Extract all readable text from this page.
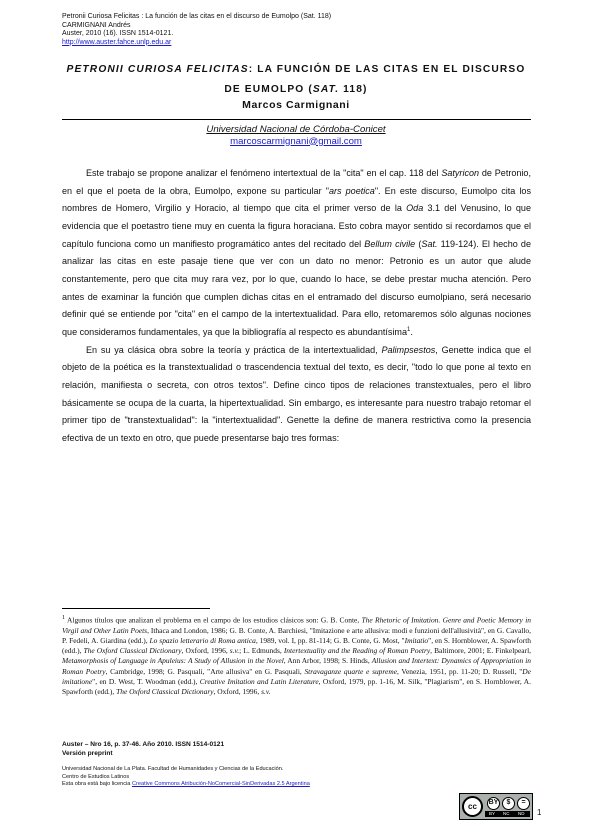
Petronii Curiosa Felicitas : La función de las citas en el discurso de Eumolpo (Sat. 118)
CARMIGNANI Andrés
Auster, 2010 (16). ISSN 1514-0121.
http://www.auster.fahce.unlp.edu.ar
PETRONII CURIOSA FELICITAS: LA FUNCIÓN DE LAS CITAS EN EL DISCURSO DE EUMOLPO (SAT. 118)
Marcos Carmignani
Universidad Nacional de Córdoba-Conicet
marcoscarmignani@gmail.com

Este trabajo se propone analizar el fenómeno intertextual de la "cita" en el cap. 118 del Satyricon de Petronio, en el que el poeta de la obra, Eumolpo, expone su particular "ars poetica". En este discurso, Eumolpo cita los nombres de Homero, Virgilio y Horacio, al tiempo que cita el primer verso de la Oda 3.1 del Venusino, lo que evidencia que el poetastro tiene muy en cuenta la figura horaciana. Esto cobra mayor sentido si recordamos que el capítulo funciona como un manifiesto programático antes del recitado del Bellum civile (Sat. 119-124). El hecho de analizar las citas en este pasaje tiene que ver con un dato no menor: Petronio es un autor que alude constantemente, pero que cita muy rara vez, por lo que, cuando lo hace, se debe prestar mucha atención. Pero antes de examinar la función que cumplen dichas citas en el entramado del discurso eumolpiano, será necesario definir qué se entiende por "cita" en el campo de la intertextualidad. Para ello, retomaremos sólo algunas nociones que consideramos fundamentales, ya que la bibliografía al respecto es abundantísima$^1$.

En su ya clásica obra sobre la teoría y práctica de la intertextualidad, Palimpsestos, Genette indica que el objeto de la poética es la transtextualidad o trascendencia textual del texto, es decir, "todo lo que pone al texto en relación, manifiesta o secreta, con otros textos". Define cinco tipos de relaciones transtextuales, pero el libro básicamente se ocupa de la cuarta, la hipertextualidad. Sin embargo, es interesante para nuestro trabajo retomar el primer tipo de "transtextualidad": la "intertextualidad". Genette la define de manera restrictiva como la presencia efectiva de un texto en otro, que puede presentarse bajo tres formas:

$^1$ Algunos títulos que analizan el problema en el campo de los estudios clásicos son: G. B. Conte, The Rhetoric of Imitation. Genre and Poetic Memory in Virgil and Other Latin Poets, Ithaca and London, 1986; G. B. Conte, A. Barchiesi, "Imitazione e arte allusiva: modi e funzioni dell'allusività", en G. Cavallo, P. Fedeli, A. Giardina (edd.), Lo spazio letterario di Roma antica, 1989, vol. I, pp. 81-114; G. B. Conte, G. Most, "Imitatio", en S. Hornblower, A. Spawforth (edd.), The Oxford Classical Dictionary, Oxford, 1996, s.v.; L. Edmunds, Intertextuality and the Reading of Roman Poetry, Baltimore, 2001; E. Finkelpearl, Metamorphosis of Language in Apuleius: A Study of Allusion in the Novel, Ann Arbor, 1998; S. Hinds, Allusion and Intertext: Dynamics of Appropriation in Roman Poetry, Cambridge, 1998; G. Pasquali, "Arte allusiva" en G. Pasquali, Stravaganze quarte e supreme, Venezia, 1951, pp. 11-20; D. Russell, "De imitatione", en D. West, T. Woodman (edd.), Creative Imitation and Latin Literature, Oxford, 1979, pp. 1-16, M. Silk, "Plagiarism", en S. Hornblower, A. Spawforth (edd.), The Oxford Classical Dictionary, Oxford, 1996, s.v.

Auster – Nro 16, p. 37-46. Año 2010. ISSN 1514-0121
Versión preprint
Universidad Nacional de La Plata. Facultad de Humanidades y Ciencias de la Educación.
Centro de Estudios Latinos
Esta obra está bajo licencia Creative Commons Atribución-NoComercial-SinDerivadas 2.5 Argentina
cc	BY	$	=
BY NC ND 1
